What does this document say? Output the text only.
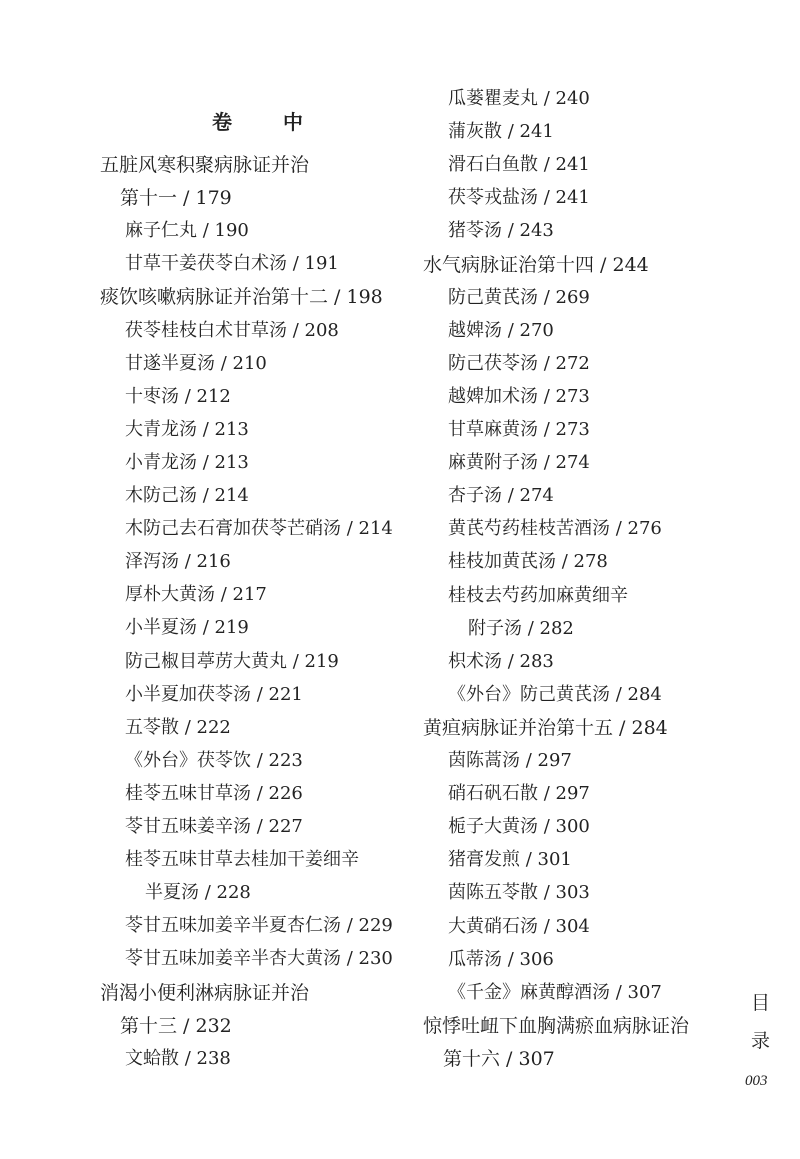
卷 中
五脏风寒积聚病脉证并治
第十一 / 179
麻子仁丸 / 190
甘草干姜茯苓白术汤 / 191
痰饮咳嗽病脉证并治第十二 / 198
茯苓桂枝白术甘草汤 / 208
甘遂半夏汤 / 210
十枣汤 / 212
大青龙汤 / 213
小青龙汤 / 213
木防己汤 / 214
木防己去石膏加茯苓芒硝汤 / 214
泽泻汤 / 216
厚朴大黄汤 / 217
小半夏汤 / 219
防己椒目葶苈大黄丸 / 219
小半夏加茯苓汤 / 221
五苓散 / 222
《外台》茯苓饮 / 223
桂苓五味甘草汤 / 226
苓甘五味姜辛汤 / 227
桂苓五味甘草去桂加干姜细辛
半夏汤 / 228
苓甘五味加姜辛半夏杏仁汤 / 229
苓甘五味加姜辛半杏大黄汤 / 230
消渴小便利淋病脉证并治
第十三 / 232
文蛤散 / 238
瓜蒌瞿麦丸 / 240
蒲灰散 / 241
滑石白鱼散 / 241
茯苓戎盐汤 / 241
猪苓汤 / 243
水气病脉证治第十四 / 244
防己黄芪汤 / 269
越婢汤 / 270
防己茯苓汤 / 272
越婢加术汤 / 273
甘草麻黄汤 / 273
麻黄附子汤 / 274
杏子汤 / 274
黄芪芍药桂枝苦酒汤 / 276
桂枝加黄芪汤 / 278
桂枝去芍药加麻黄细辛
附子汤 / 282
枳术汤 / 283
《外台》防己黄芪汤 / 284
黄疸病脉证并治第十五 / 284
茵陈蒿汤 / 297
硝石矾石散 / 297
栀子大黄汤 / 300
猪膏发煎 / 301
茵陈五苓散 / 303
大黄硝石汤 / 304
瓜蒂汤 / 306
《千金》麻黄醇酒汤 / 307
惊悸吐衄下血胸满瘀血病脉证治
第十六 / 307
目
录
003
